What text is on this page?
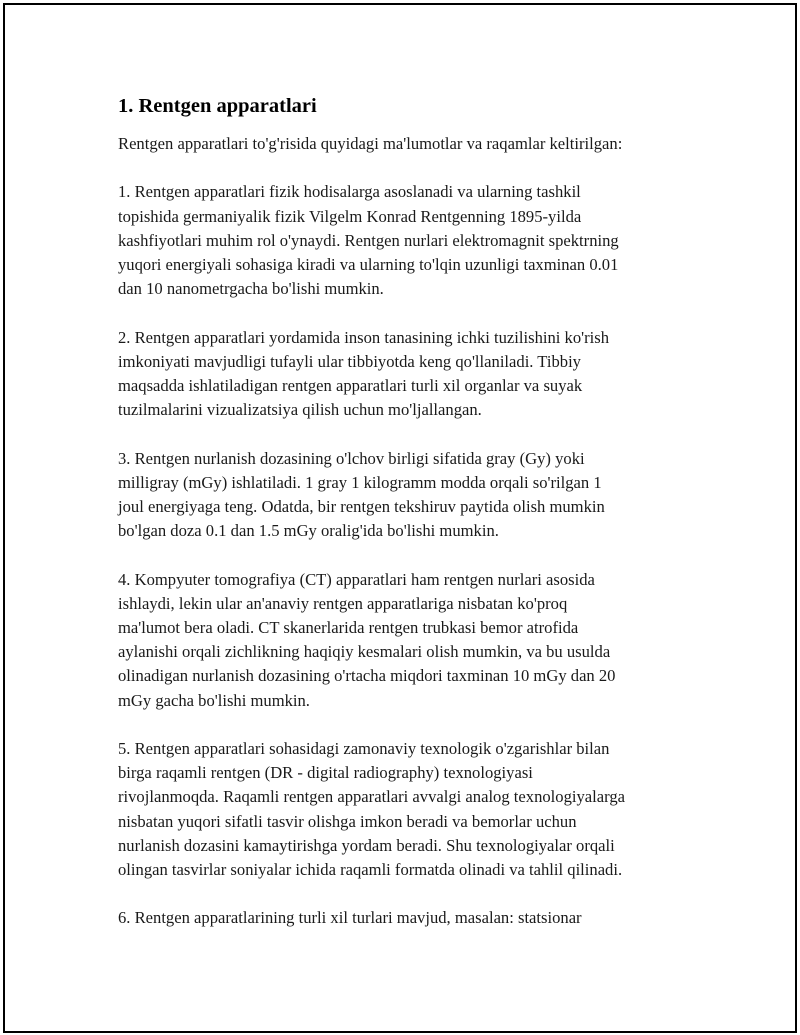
1. Rentgen apparatlari

Rentgen apparatlari to'g'risida quyidagi ma'lumotlar va raqamlar keltirilgan:

1. Rentgen apparatlari fizik hodisalarga asoslanadi va ularning tashkil
topishida germaniyalik fizik Vilgelm Konrad Rentgenning 1895-yilda
kashfiyotlari muhim rol o'ynaydi. Rentgen nurlari elektromagnit spektrning
yuqori energiyali sohasiga kiradi va ularning to'lqin uzunligi taxminan 0.01
dan 10 nanometrgacha bo'lishi mumkin.

2. Rentgen apparatlari yordamida inson tanasining ichki tuzilishini ko'rish
imkoniyati mavjudligi tufayli ular tibbiyotda keng qo'llaniladi. Tibbiy
maqsadda ishlatiladigan rentgen apparatlari turli xil organlar va suyak
tuzilmalarini vizualizatsiya qilish uchun mo'ljallangan.

3. Rentgen nurlanish dozasining o'lchov birligi sifatida gray (Gy) yoki
milligray (mGy) ishlatiladi. 1 gray 1 kilogramm modda orqali so'rilgan 1
joul energiyaga teng. Odatda, bir rentgen tekshiruv paytida olish mumkin
bo'lgan doza 0.1 dan 1.5 mGy oralig'ida bo'lishi mumkin.

4. Kompyuter tomografiya (CT) apparatlari ham rentgen nurlari asosida
ishlaydi, lekin ular an'anaviy rentgen apparatlariga nisbatan ko'proq
ma'lumot bera oladi. CT skanerlarida rentgen trubkasi bemor atrofida
aylanishi orqali zichlikning haqiqiy kesmalari olish mumkin, va bu usulda
olinadigan nurlanish dozasining o'rtacha miqdori taxminan 10 mGy dan 20
mGy gacha bo'lishi mumkin.

5. Rentgen apparatlari sohasidagi zamonaviy texnologik o'zgarishlar bilan
birga raqamli rentgen (DR - digital radiography) texnologiyasi
rivojlanmoqda. Raqamli rentgen apparatlari avvalgi analog texnologiyalarga
nisbatan yuqori sifatli tasvir olishga imkon beradi va bemorlar uchun
nurlanish dozasini kamaytirishga yordam beradi. Shu texnologiyalar orqali
olingan tasvirlar soniyalar ichida raqamli formatda olinadi va tahlil qilinadi.

6. Rentgen apparatlarining turli xil turlari mavjud, masalan: statsionar
